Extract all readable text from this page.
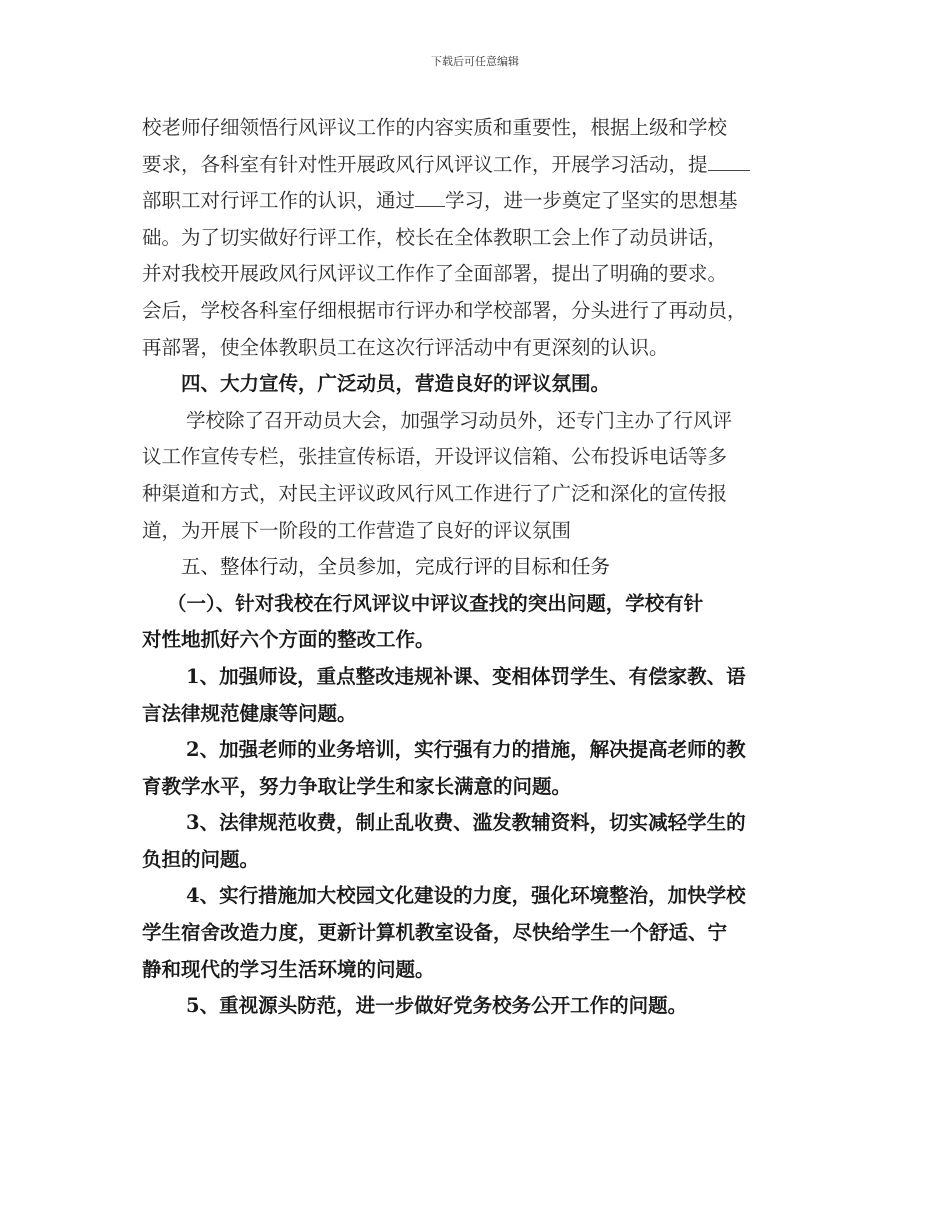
下载后可任意编辑
校老师仔细领悟行风评议工作的内容实质和重要性，根据上级和学校
要求，各科室有针对性开展政风行风评议工作，开展学习活动，提
部职工对行评工作的认识，通过 学习，进一步奠定了坚实的思想基
础。为了切实做好行评工作，校长在全体教职工会上作了动员讲话，
并对我校开展政风行风评议工作作了全面部署，提出了明确的要求。
会后，学校各科室仔细根据市行评办和学校部署，分头进行了再动员，
再部署，使全体教职员工在这次行评活动中有更深刻的认识。
四、大力宣传，广泛动员，营造良好的评议氛围。
学校除了召开动员大会，加强学习动员外，还专门主办了行风评
议工作宣传专栏，张挂宣传标语，开设评议信箱、公布投诉电话等多
种渠道和方式，对民主评议政风行风工作进行了广泛和深化的宣传报
道，为开展下一阶段的工作营造了良好的评议氛围
五、整体行动，全员参加，完成行评的目标和任务
（一）、针对我校在行风评议中评议查找的突出问题，学校有针
对性地抓好六个方面的整改工作。
1、加强师设，重点整改违规补课、变相体罚学生、有偿家教、语
言法律规范健康等问题。
2、加强老师的业务培训，实行强有力的措施，解决提高老师的教
育教学水平，努力争取让学生和家长满意的问题。
3、法律规范收费，制止乱收费、滥发教辅资料，切实减轻学生的
负担的问题。
4、实行措施加大校园文化建设的力度，强化环境整治，加快学校
学生宿舍改造力度，更新计算机教室设备，尽快给学生一个舒适、宁
静和现代的学习生活环境的问题。
5、重视源头防范，进一步做好党务校务公开工作的问题。
